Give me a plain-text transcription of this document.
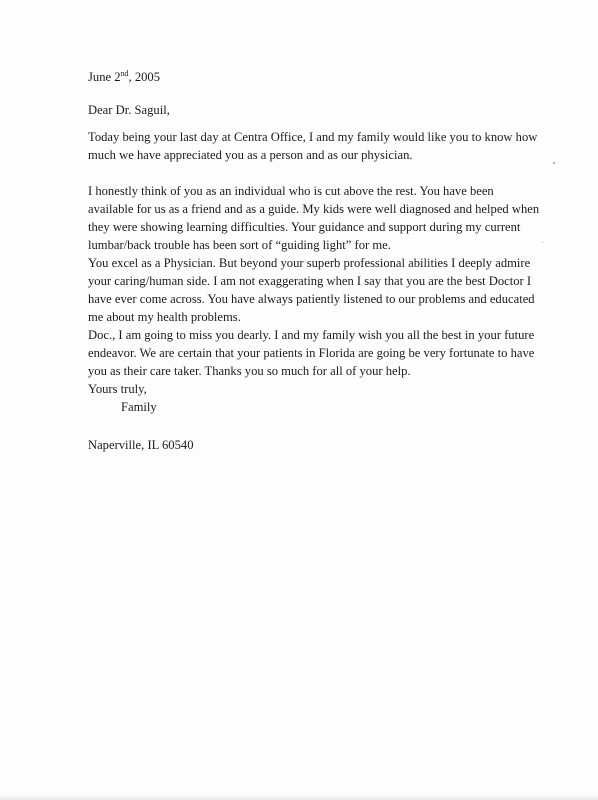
June 2nd, 2005
Dear Dr. Saguil,
Today being your last day at Centra Office, I and my family would like you to know how
much we have appreciated you as a person and as our physician.
I honestly think of you as an individual who is cut above the rest. You have been
available for us as a friend and as a guide. My kids were well diagnosed and helped when
they were showing learning difficulties. Your guidance and support during my current
lumbar/back trouble has been sort of “guiding light” for me.
You excel as a Physician. But beyond your superb professional abilities I deeply admire
your caring/human side. I am not exaggerating when I say that you are the best Doctor I
have ever come across. You have always patiently listened to our problems and educated
me about my health problems.
Doc., I am going to miss you dearly. I and my family wish you all the best in your future
endeavor. We are certain that your patients in Florida are going be very fortunate to have
you as their care taker. Thanks you so much for all of your help.
Yours truly,
Family
Naperville, IL 60540
